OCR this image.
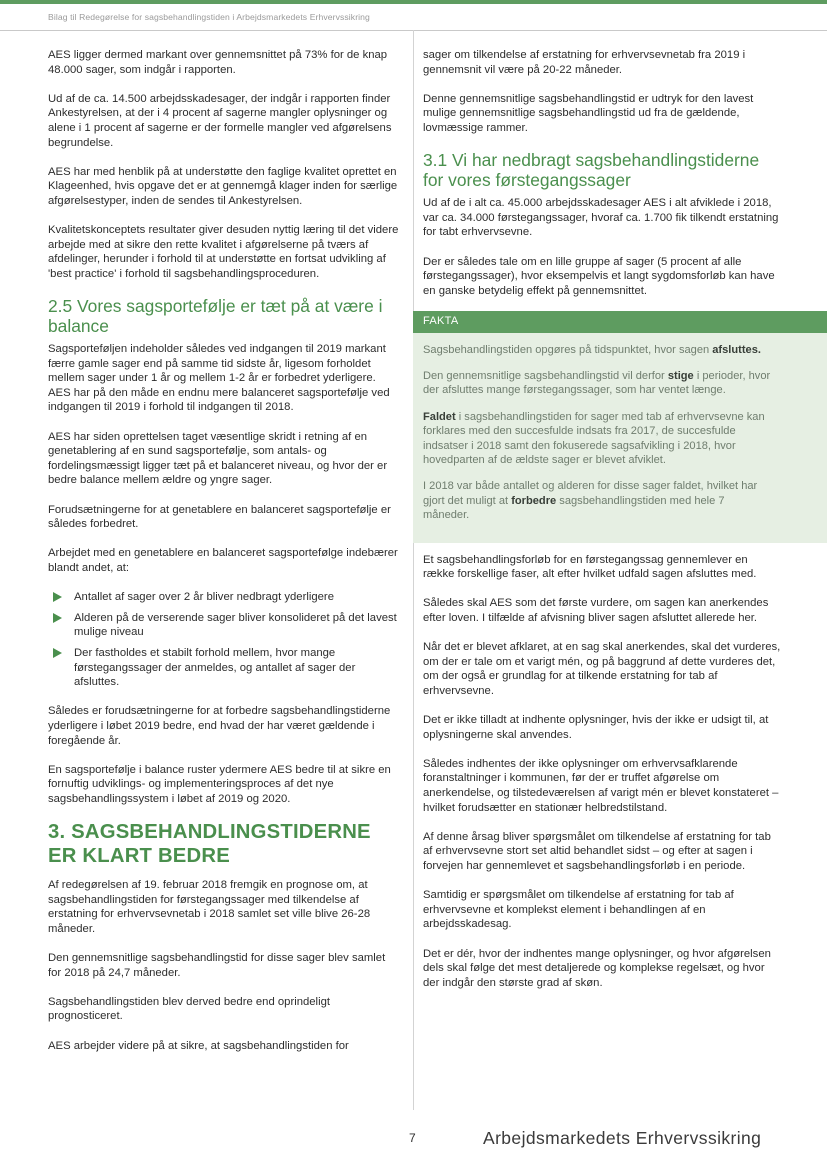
Bilag til Redegørelse for sagsbehandlingstiden i Arbejdsmarkedets Erhvervssikring

AES ligger dermed markant over gennemsnittet på 73% for de knap 48.000 sager, som indgår i rapporten.

Ud af de ca. 14.500 arbejdsskadesager, der indgår i rapporten finder Ankestyrelsen, at der i 4 procent af sagerne mangler oplysninger og alene i 1 procent af sagerne er der formelle mangler ved afgørelsens begrundelse.

AES har med henblik på at understøtte den faglige kvalitet oprettet en Klageenhed, hvis opgave det er at gennemgå klager inden for særlige afgørelsestyper, inden de sendes til Ankestyrelsen.

Kvalitetskonceptets resultater giver desuden nyttig læring til det videre arbejde med at sikre den rette kvalitet i afgørelserne på tværs af afdelinger, herunder i forhold til at understøtte en fortsat udvikling af 'best practice' i forhold til sagsbehandlingsproceduren.

2.5 Vores sagsportefølje er tæt på at være i balance

Sagsporteføljen indeholder således ved indgangen til 2019 markant færre gamle sager end på samme tid sidste år, ligesom forholdet mellem sager under 1 år og mellem 1-2 år er forbedret yderligere. AES har på den måde en endnu mere balanceret sagsportefølje ved indgangen til 2019 i forhold til indgangen til 2018.

AES har siden oprettelsen taget væsentlige skridt i retning af en genetablering af en sund sagsportefølje, som antals- og fordelingsmæssigt ligger tæt på et balanceret niveau, og hvor der er bedre balance mellem ældre og yngre sager.

Forudsætningerne for at genetablere en balanceret sagsportefølje er således forbedret.

Arbejdet med en genetablere en balanceret sagsportefølge indebærer blandt andet, at:

Antallet af sager over 2 år bliver nedbragt yderligere
Alderen på de verserende sager bliver konsolideret på det lavest mulige niveau
Der fastholdes et stabilt forhold mellem, hvor mange førstegangssager der anmeldes, og antallet af sager der afsluttes.

Således er forudsætningerne for at forbedre sagsbehandlingstiderne yderligere i løbet 2019 bedre, end hvad der har været gældende i foregående år.

En sagsportefølje i balance ruster ydermere AES bedre til at sikre en fornuftig udviklings- og implementeringsproces af det nye sagsbehandlingssystem i løbet af 2019 og 2020.

3. SAGSBEHANDLINGSTIDERNE ER KLART BEDRE

Af redegørelsen af 19. februar 2018 fremgik en prognose om, at sagsbehandlingstiden for førstegangssager med tilkendelse af erstatning for erhvervsevnetab i 2018 samlet set ville blive 26-28 måneder.

Den gennemsnitlige sagsbehandlingstid for disse sager blev samlet for 2018 på 24,7 måneder.

Sagsbehandlingstiden blev derved bedre end oprindeligt prognosticeret.

AES arbejder videre på at sikre, at sagsbehandlingstiden for

sager om tilkendelse af erstatning for erhvervsevnetab fra 2019 i gennemsnit vil være på 20-22 måneder.

Denne gennemsnitlige sagsbehandlingstid er udtryk for den lavest mulige gennemsnitlige sagsbehandlingstid ud fra de gældende, lovmæssige rammer.

3.1 Vi har nedbragt sagsbehandlingstiderne for vores førstegangssager

Ud af de i alt ca. 45.000 arbejdsskadesager AES i alt afviklede i 2018, var ca. 34.000 førstegangssager, hvoraf ca. 1.700 fik tilkendt erstatning for tabt erhvervsevne.

Der er således tale om en lille gruppe af sager (5 procent af alle førstegangssager), hvor eksempelvis et langt sygdomsforløb kan have en ganske betydelig effekt på gennemsnittet.

FAKTA

Sagsbehandlingstiden opgøres på tidspunktet, hvor sagen afsluttes.

Den gennemsnitlige sagsbehandlingstid vil derfor stige i perioder, hvor der afsluttes mange førstegangssager, som har ventet længe.

Faldet i sagsbehandlingstiden for sager med tab af erhvervsevne kan forklares med den succesfulde indsats fra 2017, de succesfulde indsatser i 2018 samt den fokuserede sagsafvikling i 2018, hvor hovedparten af de ældste sager er blevet afviklet.

I 2018 var både antallet og alderen for disse sager faldet, hvilket har gjort det muligt at forbedre sagsbehandlingstiden med hele 7 måneder.

Et sagsbehandlingsforløb for en førstegangssag gennemlever en række forskellige faser, alt efter hvilket udfald sagen afsluttes med.

Således skal AES som det første vurdere, om sagen kan anerkendes efter loven. I tilfælde af afvisning bliver sagen afsluttet allerede her.

Når det er blevet afklaret, at en sag skal anerkendes, skal det vurderes, om der er tale om et varigt mén, og på baggrund af dette vurderes det, om der også er grundlag for at tilkende erstatning for tab af erhvervsevne.

Det er ikke tilladt at indhente oplysninger, hvis der ikke er udsigt til, at oplysningerne skal anvendes.

Således indhentes der ikke oplysninger om erhvervsafklarende foranstaltninger i kommunen, før der er truffet afgørelse om anerkendelse, og tilstedeværelsen af varigt mén er blevet konstateret – hvilket forudsætter en stationær helbredstilstand.

Af denne årsag bliver spørgsmålet om tilkendelse af erstatning for tab af erhvervsevne stort set altid behandlet sidst – og efter at sagen i forvejen har gennemlevet et sagsbehandlingsforløb i en periode.

Samtidig er spørgsmålet om tilkendelse af erstatning for tab af erhvervsevne et komplekst element i behandlingen af en arbejdsskadesag.

Det er dér, hvor der indhentes mange oplysninger, og hvor afgørelsen dels skal følge det mest detaljerede og komplekse regelsæt, og hvor der indgår den største grad af skøn.

7	Arbejdsmarkedets Erhvervssikring
